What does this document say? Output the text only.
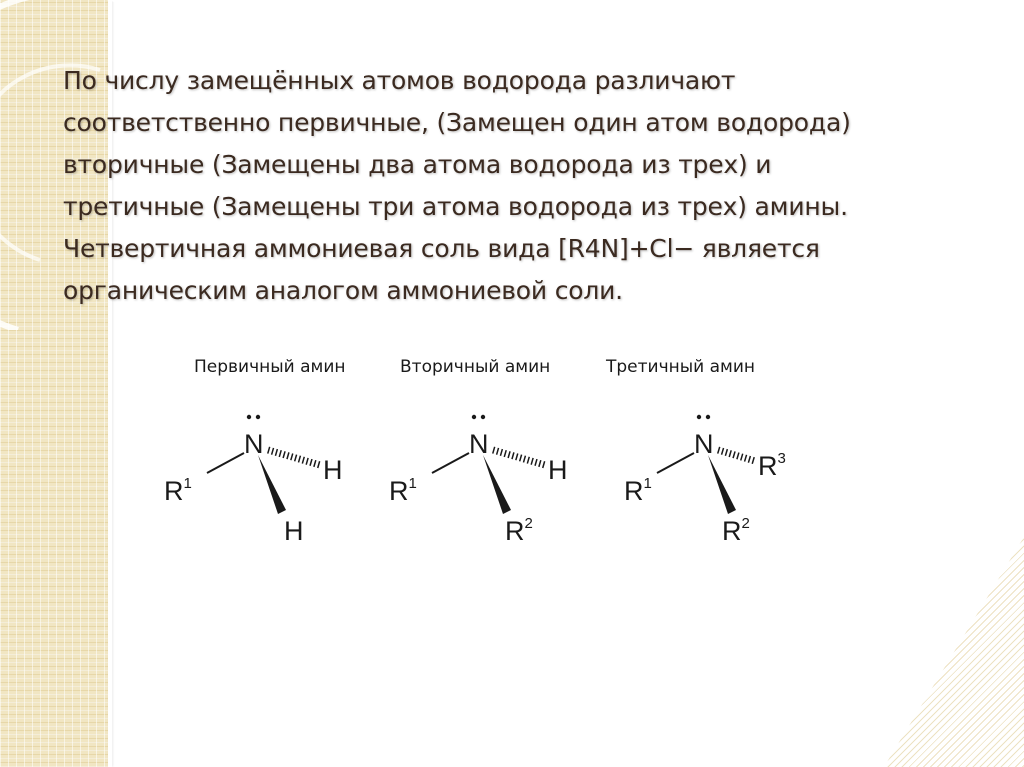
По числу замещённых атомов водорода различают
соответственно первичные, (Замещен один атом водорода)
вторичные (Замещены два атома водорода из трех) и
третичные (Замещены три атома водорода из трех) амины.
Четвертичная аммониевая соль вида [R4N]+Cl− является
органическим аналогом аммониевой соли.

Первичный амин	Вторичный амин	Третичный амин
N
$R^1$	H
H
N
$R^1$	H
$R^2$
N
$R^1$
$R^3$
$R^2$
